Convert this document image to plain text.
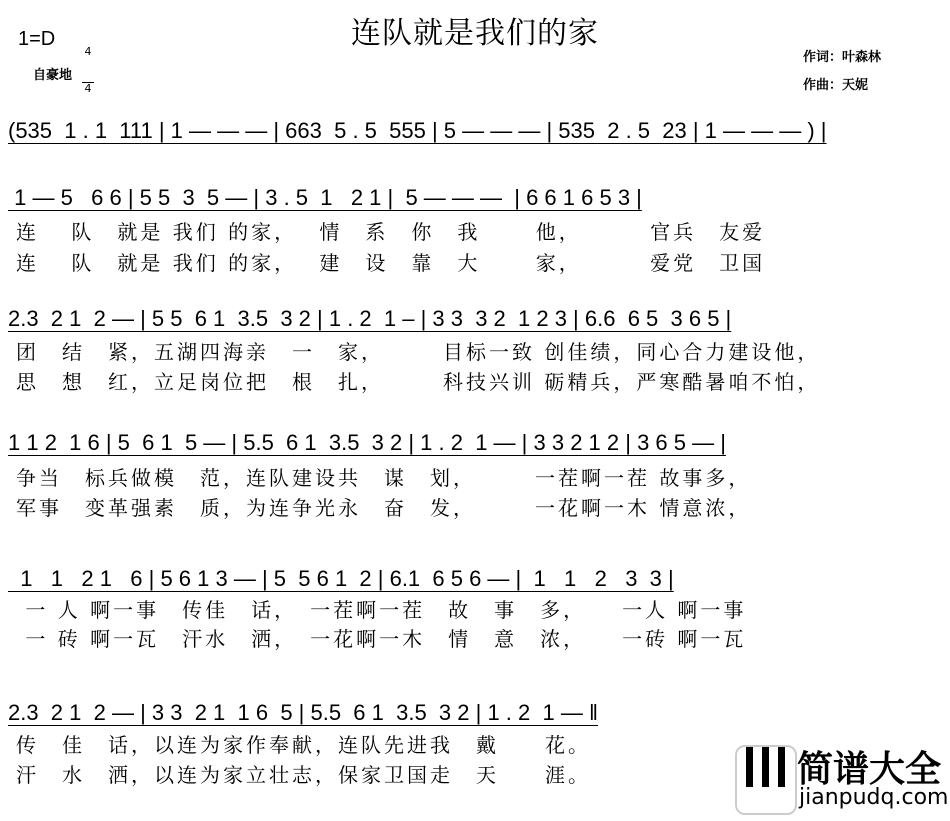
连队就是我们的家
1=D

4

4

自豪地
作词：叶森林
作曲：天妮
(535  1 . 1  111 | 1 — — — | 663  5 . 5  555 | 5 — — — | 535  2 . 5  23 | 1 — — — ) |
1 — 5   6 6 | 5 5  3  5 — | 3 . 5  1   2 1 |  5 — — —  | 6 6 1 6 5 3 |
连　 队　就是 我们 的家，　 情　系　你　我　　 他，　　　 官兵　友爱
连　 队　就是 我们 的家，　 建　设　靠　大　　 家，　　　 爱党　卫国
2.3  2 1  2 — | 5 5  6 1  3.5  3 2 | 1 . 2  1 – | 3 3  3 2  1 2 3 | 6.6  6 5  3 6 5 |
团　结　紧，五湖四海亲　一　家，　　　目标一致 创佳绩，同心合力建设他，
思　想　红，立足岗位把　根　扎，　　　科技兴训 砺精兵，严寒酷暑咱不怕，
1 1 2  1 6 | 5  6 1  5 — | 5.5  6 1  3.5  3 2 | 1 . 2  1 — | 3 3 2 1 2 | 3 6 5 — |
争当　标兵做模　范，连队建设共　谋　划，　　　一茬啊一茬 故事多，
军事　变革强素　质，为连争光永　奋　发，　　　一花啊一木 情意浓，
1   1   2 1   6 | 5 6 1 3 — | 5  5 6 1  2 | 6.1  6 5 6 — |  1   1   2   3  3 |
一 人 啊一事　传佳　话，　一茬啊一茬　故　事　多，　　一人 啊一事
一 砖 啊一瓦　汗水　洒，　一花啊一木　情　意　浓，　　一砖 啊一瓦
2.3  2 1  2 — | 3 3  2 1  1 6  5 | 5.5  6 1  3.5  3 2 | 1 . 2  1 — ‖
传　佳　话，以连为家作奉献，连队先进我　戴　　花。
汗　水　洒，以连为家立壮志，保家卫国走　天　　涯。

	简谱大全

jianpudq.com
